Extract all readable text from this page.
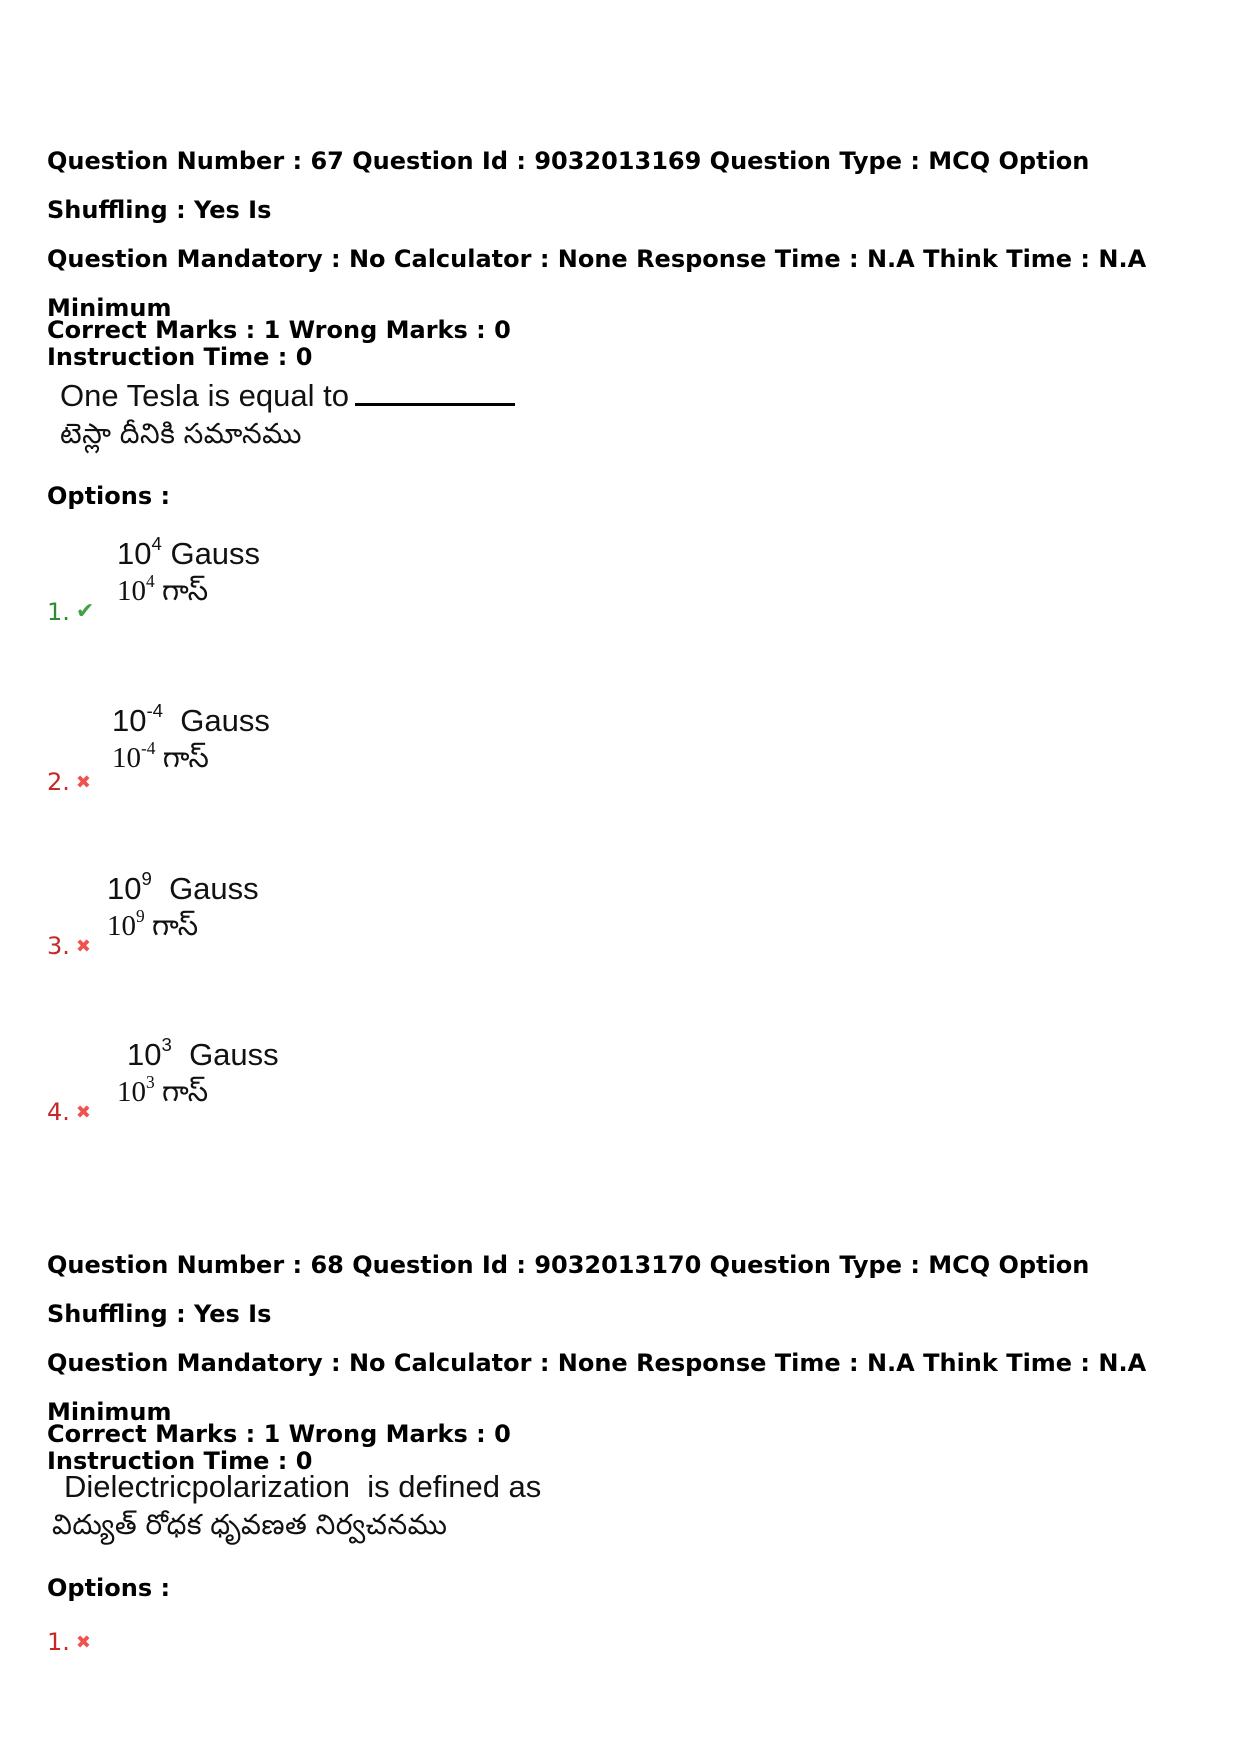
Question Number : 67 Question Id : 9032013169 Question Type : MCQ Option Shuffling : Yes Is
Question Mandatory : No Calculator : None Response Time : N.A Think Time : N.A Minimum
Instruction Time : 0
Correct Marks : 1 Wrong Marks : 0
One Tesla is equal to
టెస్లా దీనికి సమానము
Options :
$10^4$ Gauss
$10^4$ గాస్
1. ✔
$10^{-4}$ Gauss
$10^{-4}$ గాస్
2. ✖
$10^9$ Gauss
$10^9$ గాస్
3. ✖
$10^3$ Gauss
$10^3$ గాస్
4. ✖
Question Number : 68 Question Id : 9032013170 Question Type : MCQ Option Shuffling : Yes Is
Question Mandatory : No Calculator : None Response Time : N.A Think Time : N.A Minimum
Instruction Time : 0
Correct Marks : 1 Wrong Marks : 0
Dielectricpolarization  is defined as
విద్యుత్ రోధక ధృవణత నిర్వచనము
Options :
1. ✖
